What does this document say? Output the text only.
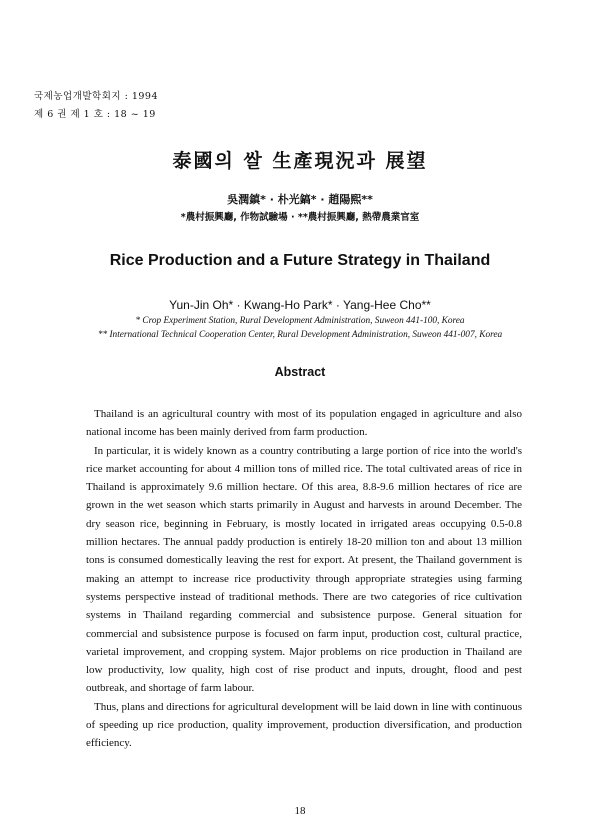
국제농업개발학회지 : 1994
제 6 권 제 1 호 : 18 ~ 19
泰國의 쌀 生產現況과 展望
吳潤鎮* · 朴光鎬* · 趙陽熙**
*農村振興廳, 作物試驗場 · **農村振興廳, 熱帶農業官室
Rice Production and a Future Strategy in Thailand
Yun-Jin Oh* · Kwang-Ho Park* · Yang-Hee Cho**
* Crop Experiment Station, Rural Development Administration, Suweon 441-100, Korea
** International Technical Cooperation Center, Rural Development Administration, Suweon 441-007, Korea
Abstract

Thailand is an agricultural country with most of its population engaged in agriculture and also national income has been mainly derived from farm production.

In particular, it is widely known as a country contributing a large portion of rice into the world's rice market accounting for about 4 million tons of milled rice. The total cultivated areas of rice in Thailand is approximately 9.6 million hectare. Of this area, 8.8-9.6 million hectares of rice are grown in the wet season which starts primarily in August and harvests in around December. The dry season rice, beginning in February, is mostly located in irrigated areas occupying 0.5-0.8 million hectares. The annual paddy production is entirely 18-20 million ton and about 13 million tons is consumed domestically leaving the rest for export. At present, the Thailand government is making an attempt to increase rice productivity through appropriate strategies using farming systems perspective instead of traditional methods. There are two categories of rice cultivation systems in Thailand regarding commercial and subsistence purpose. General situation for commercial and subsistence purpose is focused on farm input, production cost, cultural practice, varietal improvement, and cropping system. Major problems on rice production in Thailand are low productivity, low quality, high cost of rise product and inputs, drought, flood and pest outbreak, and shortage of farm labour.

Thus, plans and directions for agricultural development will be laid down in line with continuous of speeding up rice production, quality improvement, production diversification, and production efficiency.

18
